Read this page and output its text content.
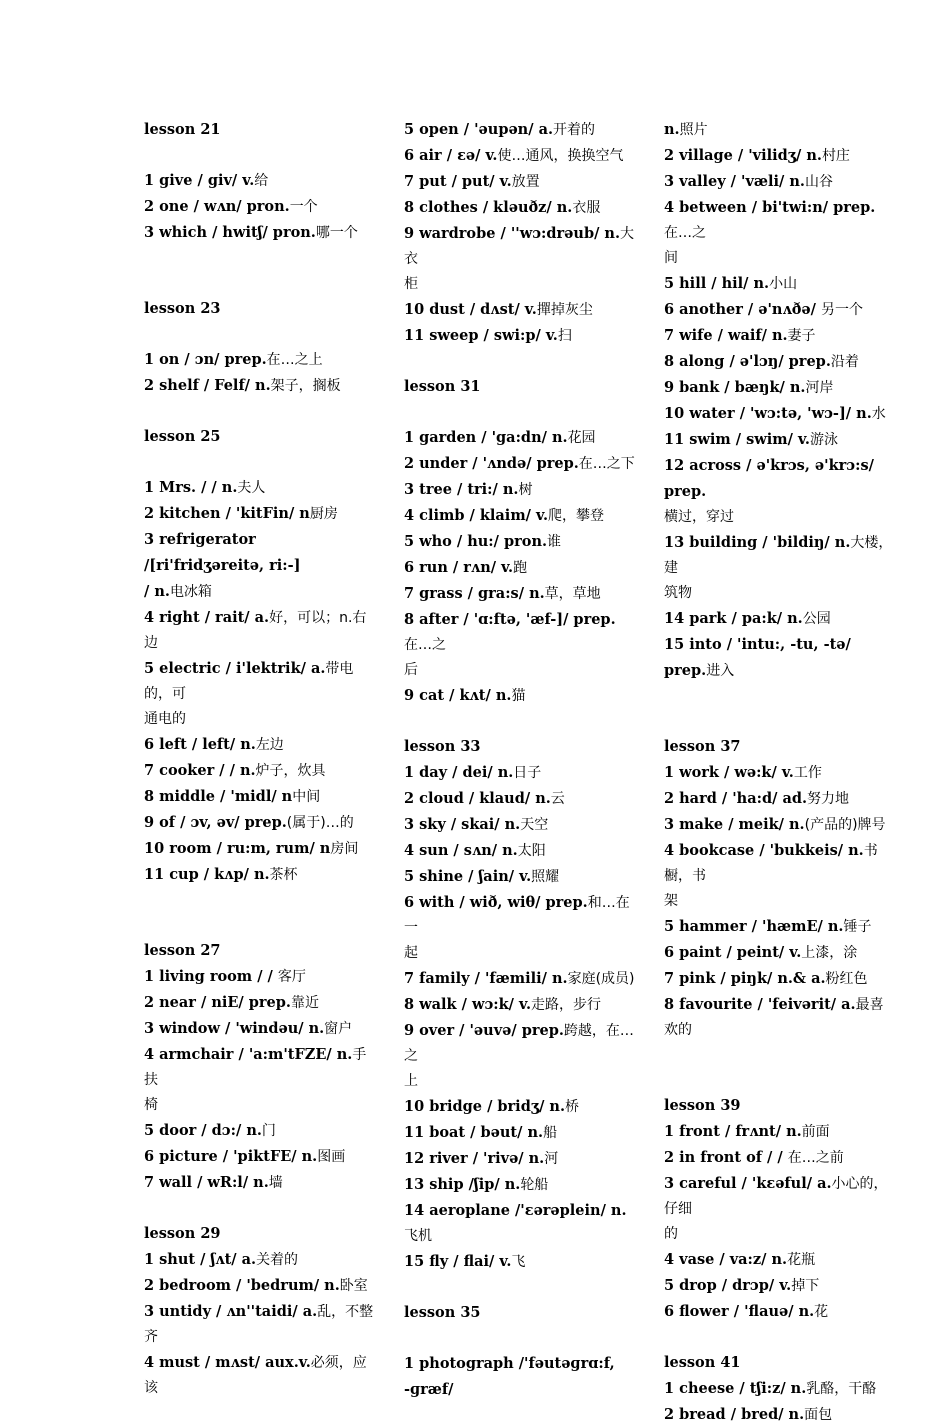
lesson 21
1 give / giv/ v.给
2 one / wʌn/ pron.一个
3 which / hwitʃ/ pron.哪一个
lesson 23
1 on / ɔn/ prep.在…之上
2 shelf / Felf/ n.架子，搁板
lesson 25
1 Mrs. / / n.夫人
2 kitchen / 'kitFin/ n厨房
3 refrigerator /[ri'fridʒəreitə, ri:-]
/ n.电冰箱
4 right / rait/ a.好，可以；n.右边
5 electric / i'lektrik/ a.带电的，可
通电的
6 left / left/ n.左边
7 cooker / / n.炉子，炊具
8 middle / 'midl/ n中间
9 of / ɔv, əv/ prep.(属于)…的
10 room / ru:m, rum/ n房间
11 cup / kʌp/ n.茶杯
lesson 27
1 living room / / 客厅
2 near / niE/ prep.靠近
3 window / 'windəu/ n.窗户
4 armchair / 'a:m'tFZE/ n.手扶
椅
5 door / dɔ:/ n.门
6 picture / 'piktFE/ n.图画
7 wall / wR:l/ n.墙
lesson 29
1 shut / ʃʌt/ a.关着的
2 bedroom / 'bedrum/ n.卧室
3 untidy / ʌn''taidi/ a.乱，不整齐
4 must / mʌst/ aux.v.必须，应该
5 open / 'əupən/ a.开着的
6 air / εə/ v.使…通风，换换空气
7 put / put/ v.放置
8 clothes / kləuðz/ n.衣服
9 wardrobe / ''wɔ:drəub/ n.大衣
柜
10 dust / dʌst/ v.撣掉灰尘
11 sweep / swi:p/ v.扫
lesson 31
1 garden / 'ga:dn/ n.花园
2 under / 'ʌndə/ prep.在…之下
3 tree / tri:/ n.树
4 climb / klaim/ v.爬，攀登
5 who / hu:/ pron.谁
6 run / rʌn/ v.跑
7 grass / gra:s/ n.草，草地
8 after / 'ɑ:ftə, 'æf-]/ prep.在…之
后
9 cat / kʌt/ n.猫
lesson 33
1 day / dei/ n.日子
2 cloud / klaud/ n.云
3 sky / skai/ n.天空
4 sun / sʌn/ n.太阳
5 shine / ʃain/ v.照耀
6 with / wið, wiθ/ prep.和…在一
起
7 family / 'fæmili/ n.家庭(成员)
8 walk / wɔ:k/ v.走路，步行
9 over / 'əuvə/ prep.跨越，在…之
上
10 bridge / bridʒ/ n.桥
11 boat / bəut/ n.船
12 river / 'rivə/ n.河
13 ship /ʃip/ n.轮船
14 aeroplane /'εərəplein/ n.飞机
15 fly / flai/ v.飞
lesson 35
1 photograph /'fəutəɡrɑ:f, -ɡræf/
n.照片
2 village / 'vilidʒ/ n.村庄
3 valley / 'væli/ n.山谷
4 between / bi'twi:n/ prep.在…之
间
5 hill / hil/ n.小山
6 another / ə'nʌðə/ 另一个
7 wife / waif/ n.妻子
8 along / ə'lɔŋ/ prep.沿着
9 bank / bæŋk/ n.河岸
10 water / 'wɔ:tə, 'wɔ-]/ n.水
11 swim / swim/ v.游泳
12 across / ə'krɔs, ə'krɔ:s/ prep.
横过，穿过
13 building / 'bildiŋ/ n.大楼，建
筑物
14 park / pa:k/ n.公园
15 into / 'intu:, -tu, -tə/ prep.进入
lesson 37
1 work / wə:k/ v.工作
2 hard / 'ha:d/ ad.努力地
3 make / meik/ n.(产品的)牌号
4 bookcase / 'bukkeis/ n.书橱，书
架
5 hammer / 'hæmE/ n.锤子
6 paint / peint/ v.上漆，涂
7 pink / piŋk/ n.& a.粉红色
8 favourite / 'feivərit/ a.最喜欢的
lesson 39
1 front / frʌnt/ n.前面
2 in front of / / 在…之前
3 careful / 'kεəful/ a.小心的，仔细
的
4 vase / va:z/ n.花瓶
5 drop / drɔp/ v.掉下
6 flower / 'flauə/ n.花
lesson 41
1 cheese / tʃi:z/ n.乳酪，干酪
2 bread / bred/ n.面包
